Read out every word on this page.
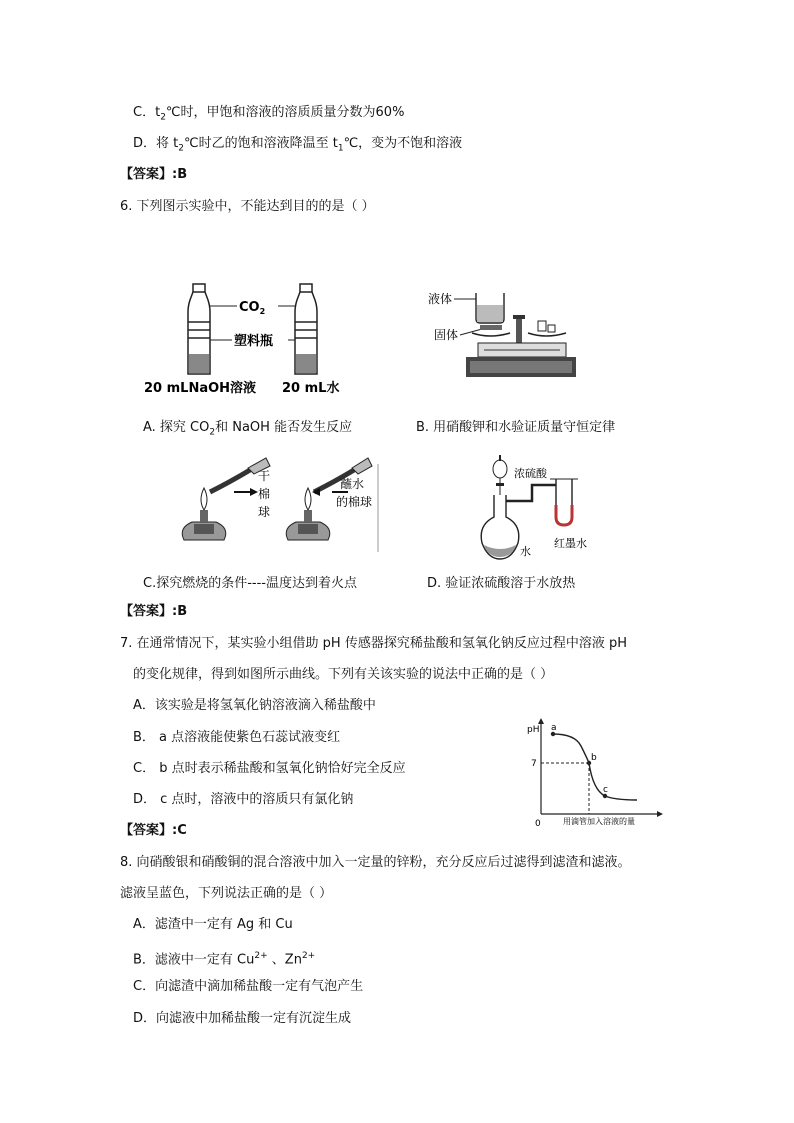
C．$t_2℃$时，甲饱和溶液的溶质质量分数为60%
D．将 $t_2℃$时乙的饱和溶液降温至 $t_1℃$，变为不饱和溶液
【答案】:B
6. 下列图示实验中，不能达到目的的是（ ）
$CO_2$
塑料瓶
20 mLNaOH溶液 20 mL水
液体
固体
A. 探究 $CO_2$和 NaOH 能否发生反应	B. 用硝酸钾和水验证质量守恒定律
干
棉
球
蘸水
的棉球
浓硫酸
水
红墨水
C.探究燃烧的条件----温度达到着火点	D. 验证浓硫酸溶于水放热
【答案】:B
7. 在通常情况下，某实验小组借助 pH 传感器探究稀盐酸和氢氧化钠反应过程中溶液 pH
的变化规律，得到如图所示曲线。下列有关该实验的说法中正确的是（ ）
A．该实验是将氢氧化钠溶液滴入稀盐酸中
B． a 点溶液能使紫色石蕊试液变红
C． b 点时表示稀盐酸和氢氧化钠恰好完全反应
D． c 点时，溶液中的溶质只有氯化钠
pH
7
0	用滴管加入溶液的量
a
b
c
【答案】:C
8. 向硝酸银和硝酸铜的混合溶液中加入一定量的锌粉，充分反应后过滤得到滤渣和滤液。
滤液呈蓝色，下列说法正确的是（ ）
A．滤渣中一定有 Ag 和 Cu
B．滤液中一定有 $Cu^{2+}$ 、$Zn^{2+}$
C．向滤渣中滴加稀盐酸一定有气泡产生
D．向滤液中加稀盐酸一定有沉淀生成
